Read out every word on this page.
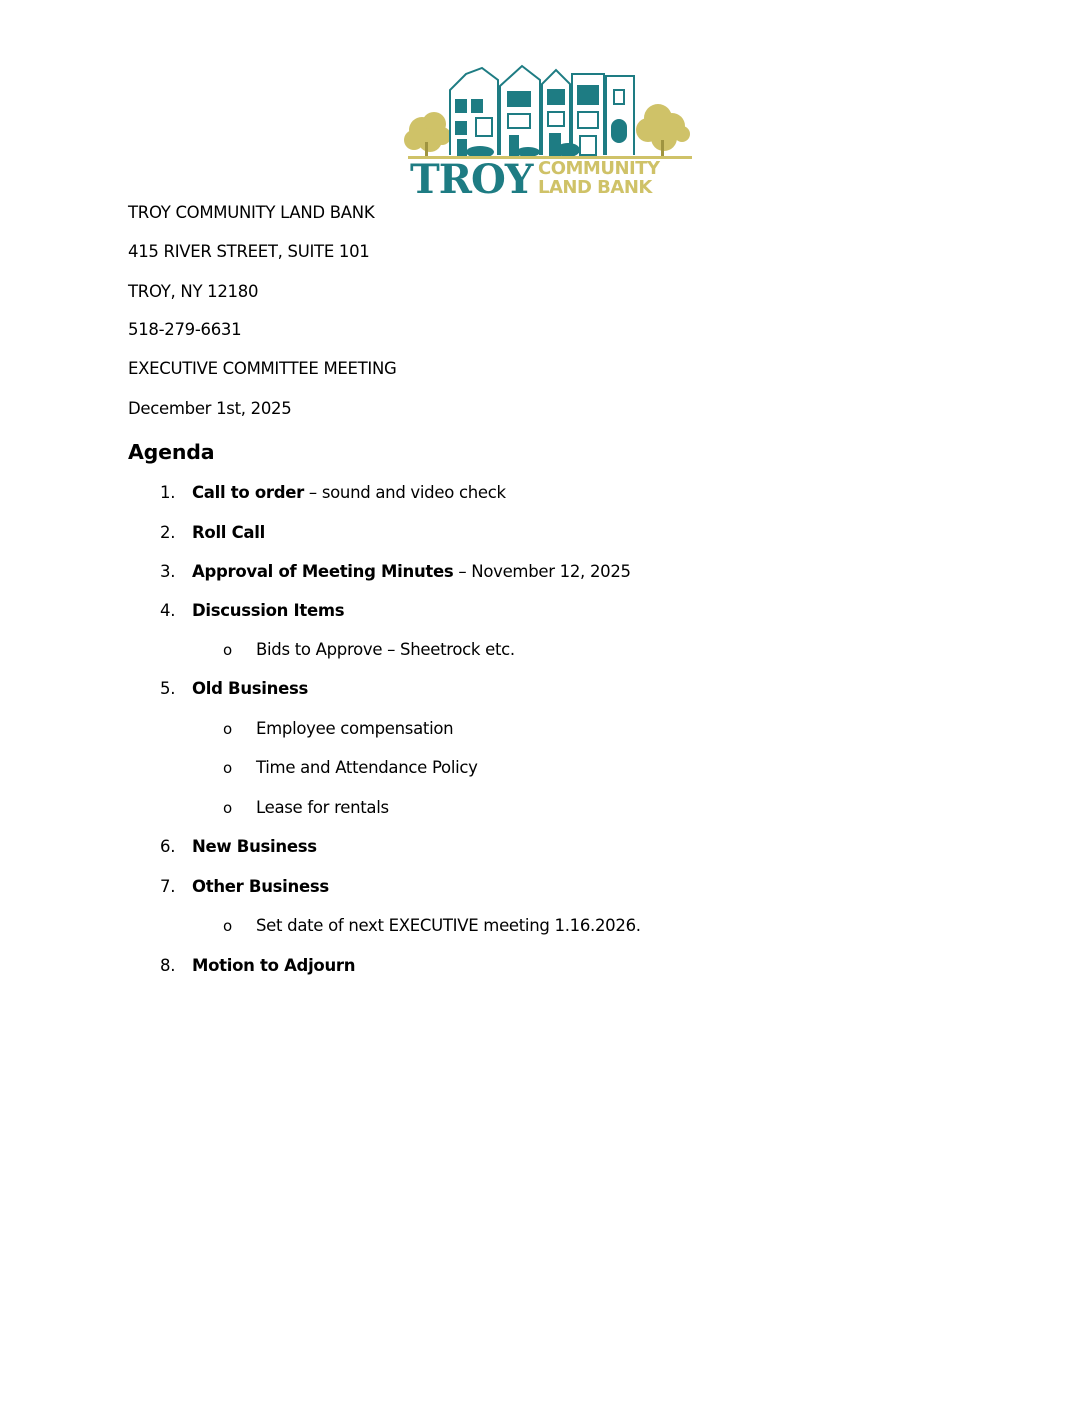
TROY COMMUNITY
LAND BANK
TROY COMMUNITY LAND BANK
415 RIVER STREET, SUITE 101
TROY, NY 12180
518-279-6631
EXECUTIVE COMMITTEE MEETING
December 1st, 2025
Agenda
1. Call to order – sound and video check
2. Roll Call
3. Approval of Meeting Minutes – November 12, 2025
4. Discussion Items
o Bids to Approve – Sheetrock etc.
5. Old Business
o Employee compensation
o Time and Attendance Policy
o Lease for rentals
6. New Business
7. Other Business
o Set date of next EXECUTIVE meeting 1.16.2026.
8. Motion to Adjourn
